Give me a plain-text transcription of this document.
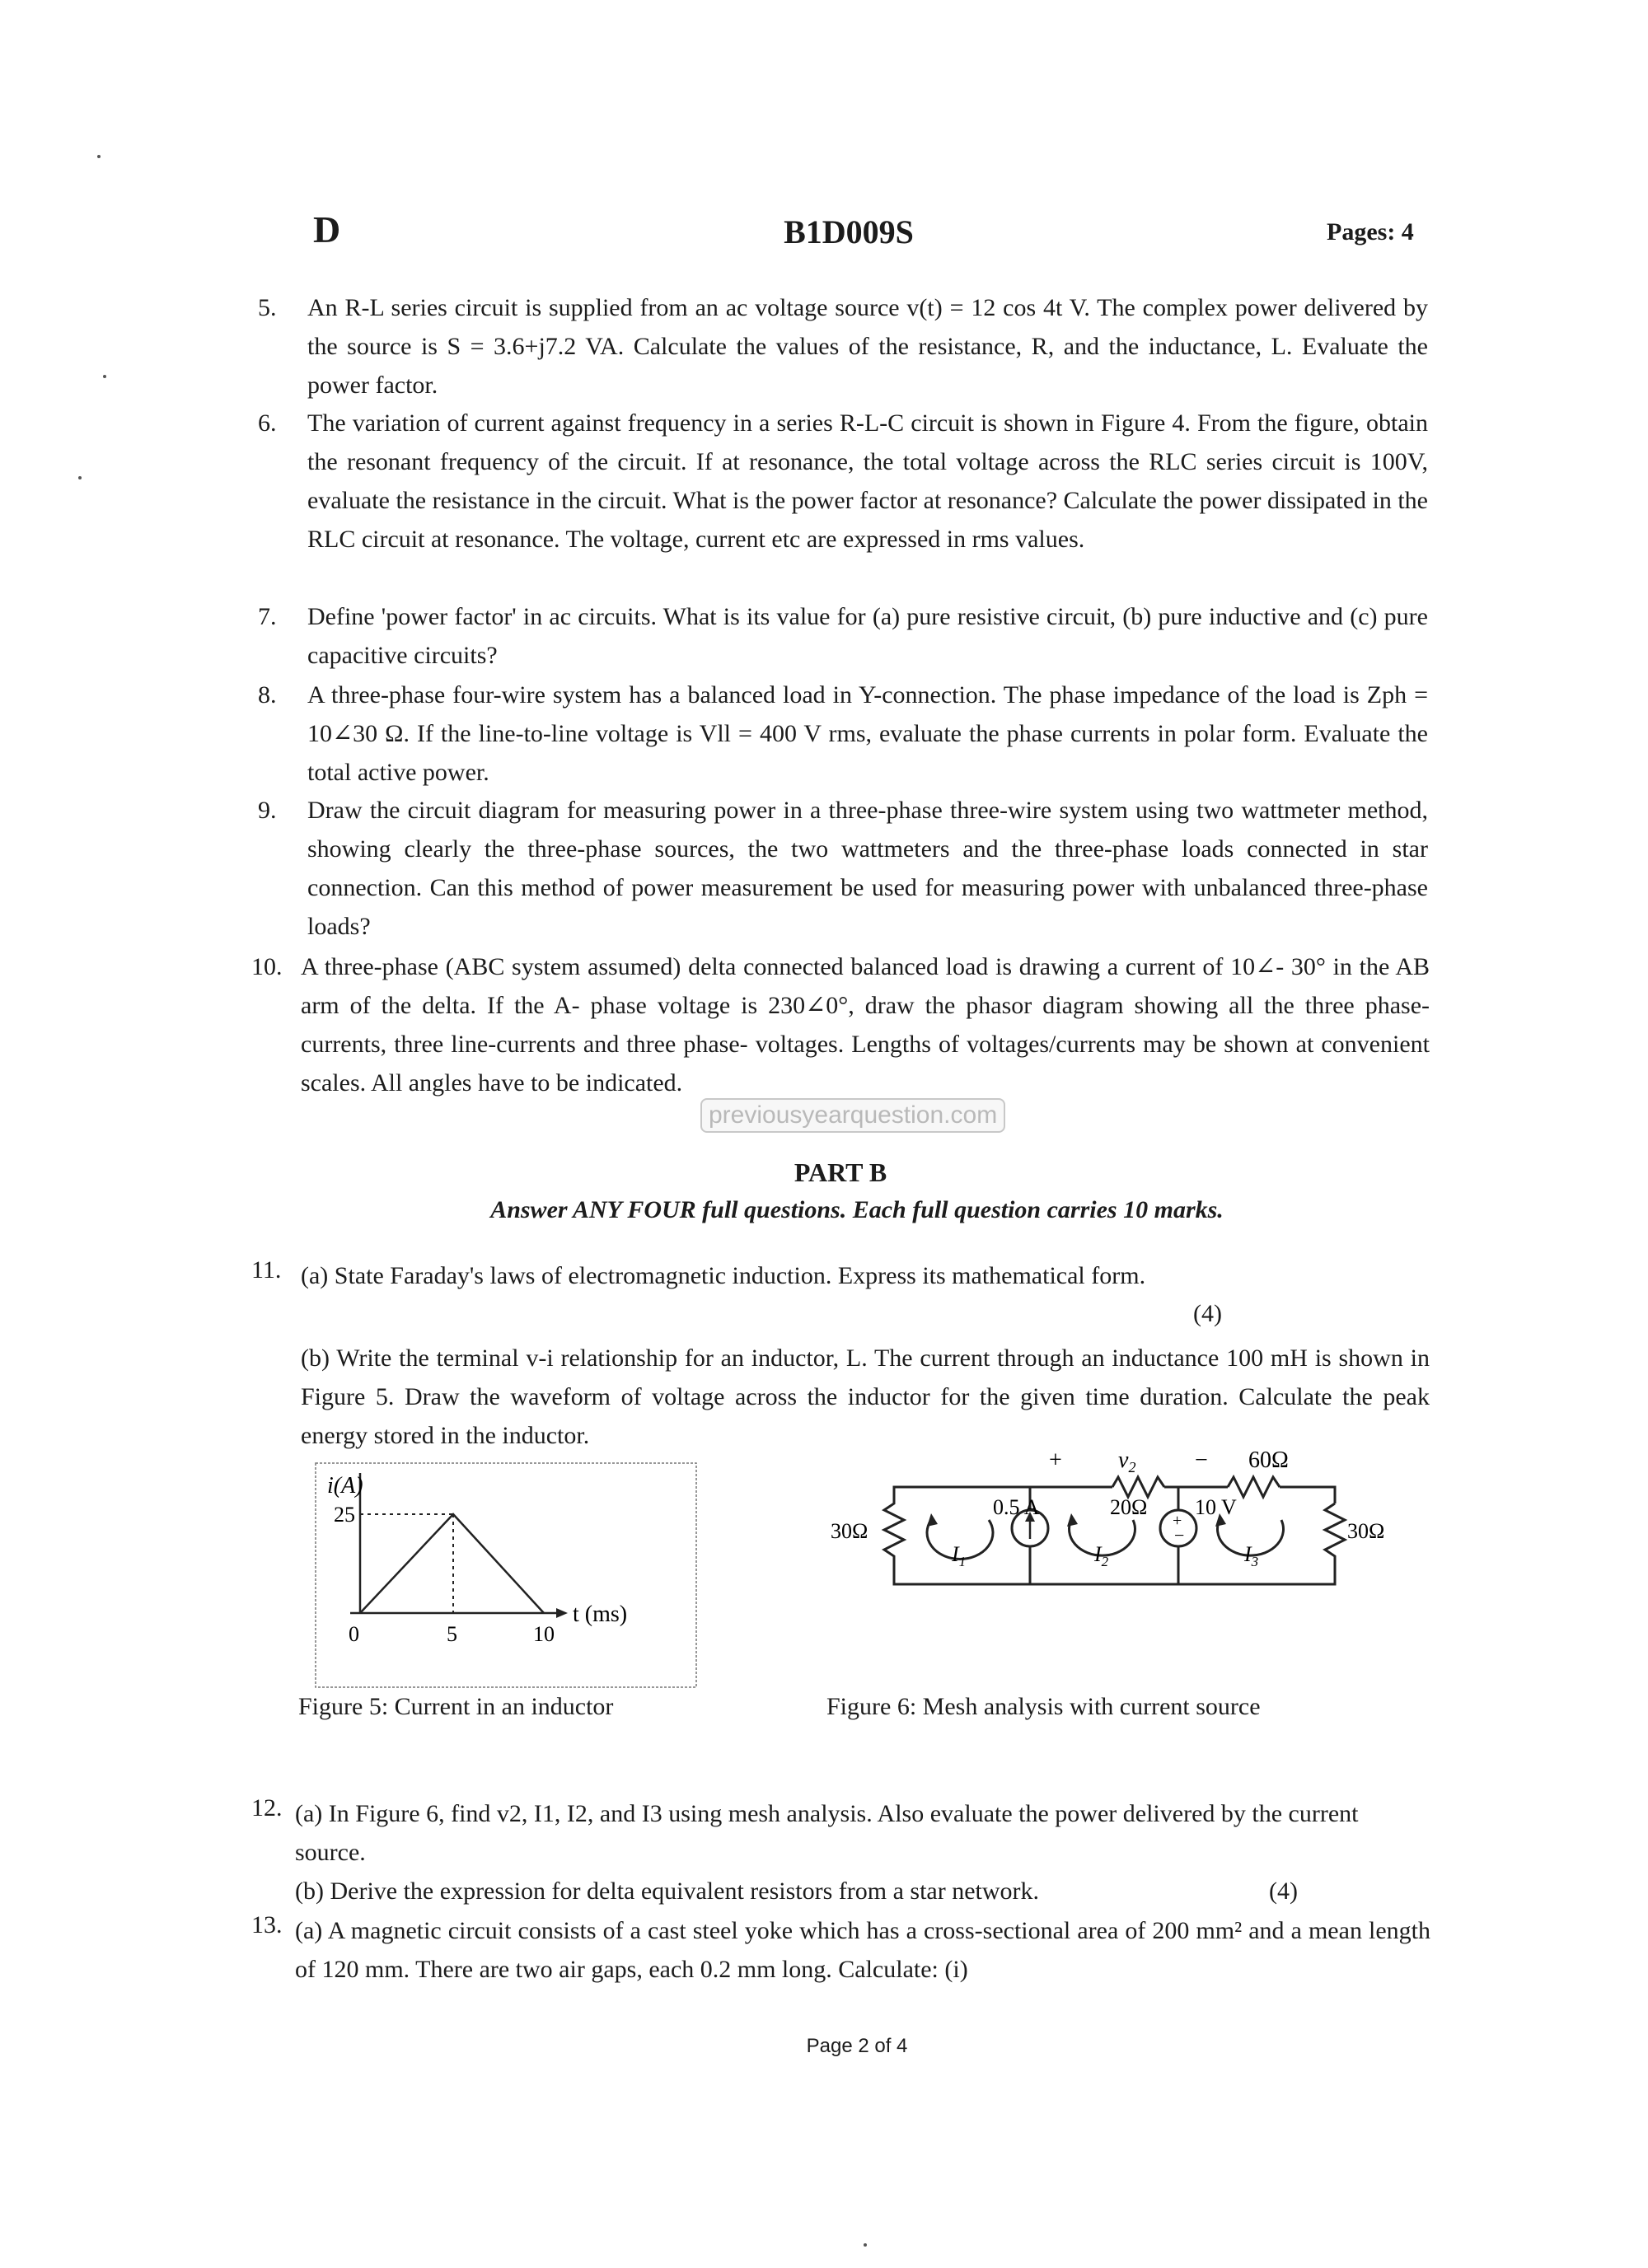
D	B1D009S	Pages: 4
5. An R-L series circuit is supplied from an ac voltage source v(t) = 12 cos 4t V. The complex power delivered by the source is S = 3.6+j7.2 VA. Calculate the values of the resistance, R, and the inductance, L. Evaluate the power factor.
6. The variation of current against frequency in a series R-L-C circuit is shown in Figure 4. From the figure, obtain the resonant frequency of the circuit. If at resonance, the total voltage across the RLC series circuit is 100V, evaluate the resistance in the circuit. What is the power factor at resonance? Calculate the power dissipated in the RLC circuit at resonance. The voltage, current etc are expressed in rms values.
7. Define 'power factor' in ac circuits. What is its value for (a) pure resistive circuit, (b) pure inductive and (c) pure capacitive circuits?
8. A three-phase four-wire system has a balanced load in Y-connection. The phase impedance of the load is Zph = 10∠30 Ω. If the line-to-line voltage is Vll = 400 V rms, evaluate the phase currents in polar form. Evaluate the total active power.
9. Draw the circuit diagram for measuring power in a three-phase three-wire system using two wattmeter method, showing clearly the three-phase sources, the two wattmeters and the three-phase loads connected in star connection. Can this method of power measurement be used for measuring power with unbalanced three-phase loads?
10. A three-phase (ABC system assumed) delta connected balanced load is drawing a current of 10∠- 30° in the AB arm of the delta. If the A- phase voltage is 230∠0°, draw the phasor diagram showing all the three phase-currents, three line-currents and three phase- voltages. Lengths of voltages/currents may be shown at convenient scales. All angles have to be indicated.
previousyearquestion.com
PART B
Answer ANY FOUR full questions. Each full question carries 10 marks.
11. (a) State Faraday's laws of electromagnetic induction. Express its mathematical form.
(4)
(b) Write the terminal v-i relationship for an inductor, L. The current through an inductance 100 mH is shown in Figure 5. Draw the waveform of voltage across the inductor for the given time duration. Calculate the peak energy stored in the inductor.
i(A)
25
0	5	10
t (ms)
Figure 5: Current in an inductor
+
−
+ $v_2$	− 60Ω
0.5 A	20Ω 10 V
30Ω	30Ω
$I_1$	$I_2$	$I_3$
Figure 6: Mesh analysis with current source
12. (a) In Figure 6, find v2, I1, I2, and I3 using mesh analysis. Also evaluate the power delivered by the current source.
(b) Derive the expression for delta equivalent resistors from a star network.	(4)
13. (a) A magnetic circuit consists of a cast steel yoke which has a cross-sectional area of 200 mm² and a mean length of 120 mm. There are two air gaps, each 0.2 mm long. Calculate: (i)
Page 2 of 4
